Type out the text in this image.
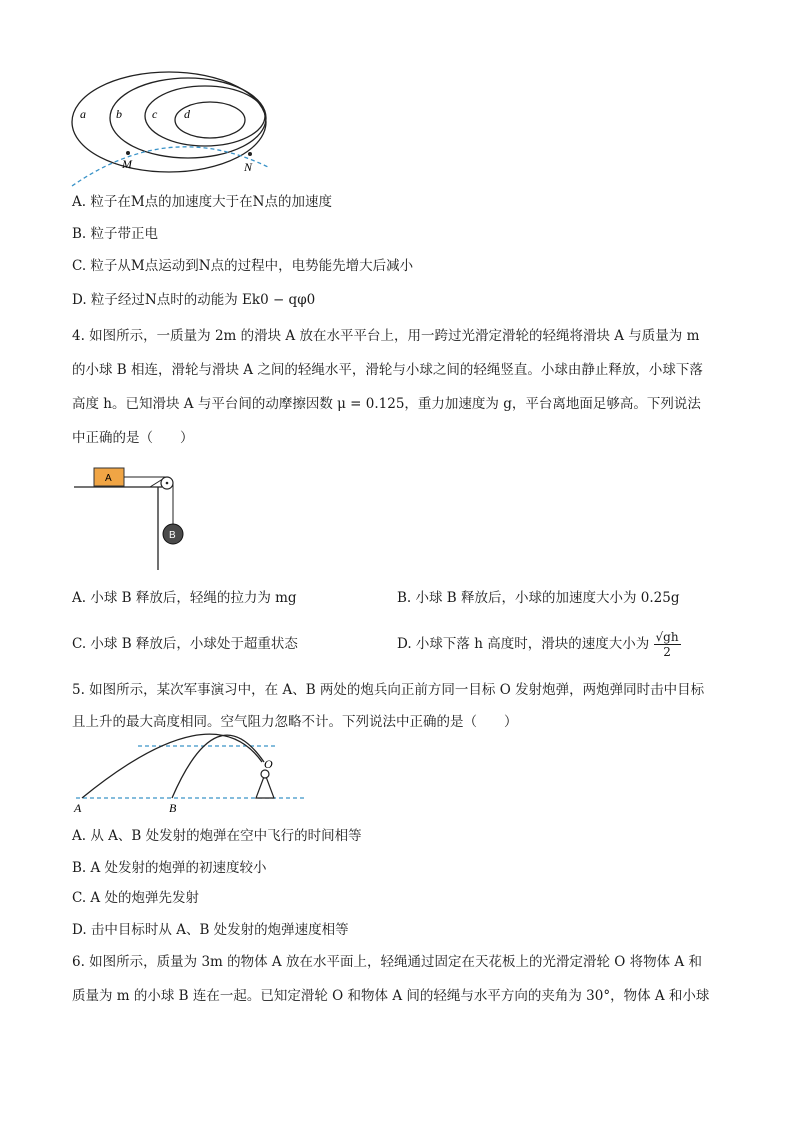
a	b	c d
M	N
A. 粒子在M点的加速度大于在N点的加速度
B. 粒子带正电
C. 粒子从M点运动到N点的过程中，电势能先增大后减小
D. 粒子经过N点时的动能为 Ek0 − qφ0
4. 如图所示，一质量为 2m 的滑块 A 放在水平平台上，用一跨过光滑定滑轮的轻绳将滑块 A 与质量为 m
的小球 B 相连，滑轮与滑块 A 之间的轻绳水平，滑轮与小球之间的轻绳竖直。小球由静止释放，小球下落
高度 h。已知滑块 A 与平台间的动摩擦因数 μ = 0.125，重力加速度为 g，平台离地面足够高。下列说法
中正确的是（　　）
A
B
A. 小球 B 释放后，轻绳的拉力为 mg	B. 小球 B 释放后，小球的加速度大小为 0.25g
C. 小球 B 释放后，小球处于超重状态	D. 小球下落 h 高度时，滑块的速度大小为 $\frac{√gh}{2}$
5. 如图所示，某次军事演习中，在 A、B 两处的炮兵向正前方同一目标 O 发射炮弹，两炮弹同时击中目标
且上升的最大高度相同。空气阻力忽略不计。下列说法中正确的是（　　）
O
A	B
A. 从 A、B 处发射的炮弹在空中飞行的时间相等
B. A 处发射的炮弹的初速度较小
C. A 处的炮弹先发射
D. 击中目标时从 A、B 处发射的炮弹速度相等
6. 如图所示，质量为 3m 的物体 A 放在水平面上，轻绳通过固定在天花板上的光滑定滑轮 O 将物体 A 和
质量为 m 的小球 B 连在一起。已知定滑轮 O 和物体 A 间的轻绳与水平方向的夹角为 30°，物体 A 和小球
